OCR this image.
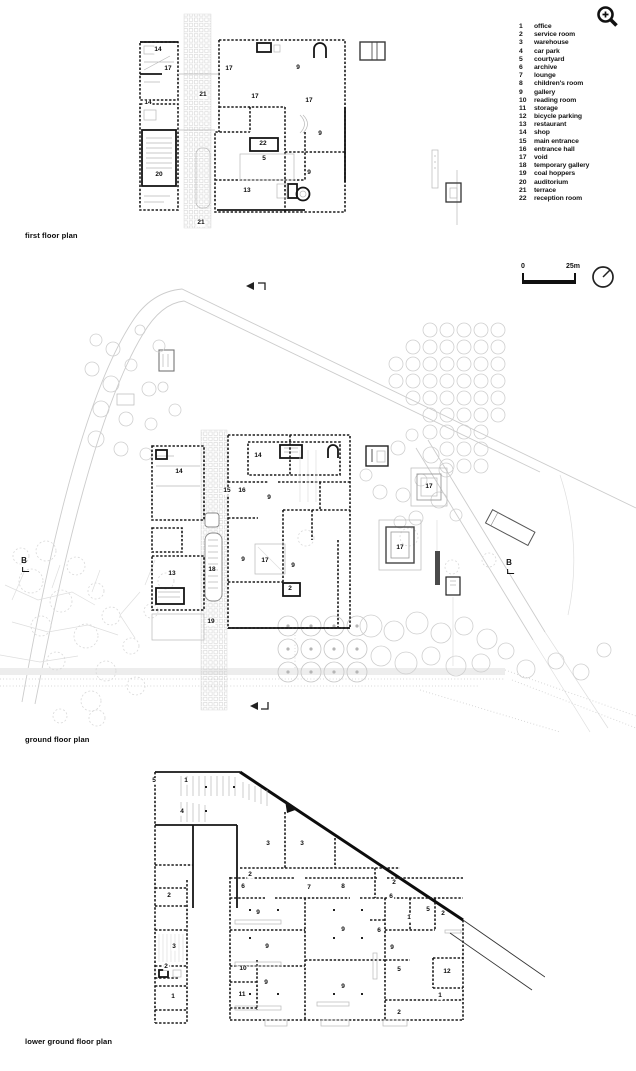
1	office
2	service room
3	warehouse
4	car park
5	courtyard
6	archive
7	lounge
8	children's room
9	gallery
10	reading room
11	storage
12	bicycle parking
13	restaurant
14	shop
15	main entrance
16	entrance hall
17	void
18	temporary gallery
19	coal hoppers
20	auditorium
21	terrace
22	reception room
14
17
21
17
17
9
14	17
9
22
5
9
20
13
21
first floor plan
0	25m
14
14
15 16
9
13
18
9	17
9
2
19
17
17
B	B
ground floor plan
5	1
4
3	3
2
6	7	8
2
2
6
5
2
1
9
9	6
9	9
3
2	10
9
5	12
11
1	1
9
2
lower ground floor plan
